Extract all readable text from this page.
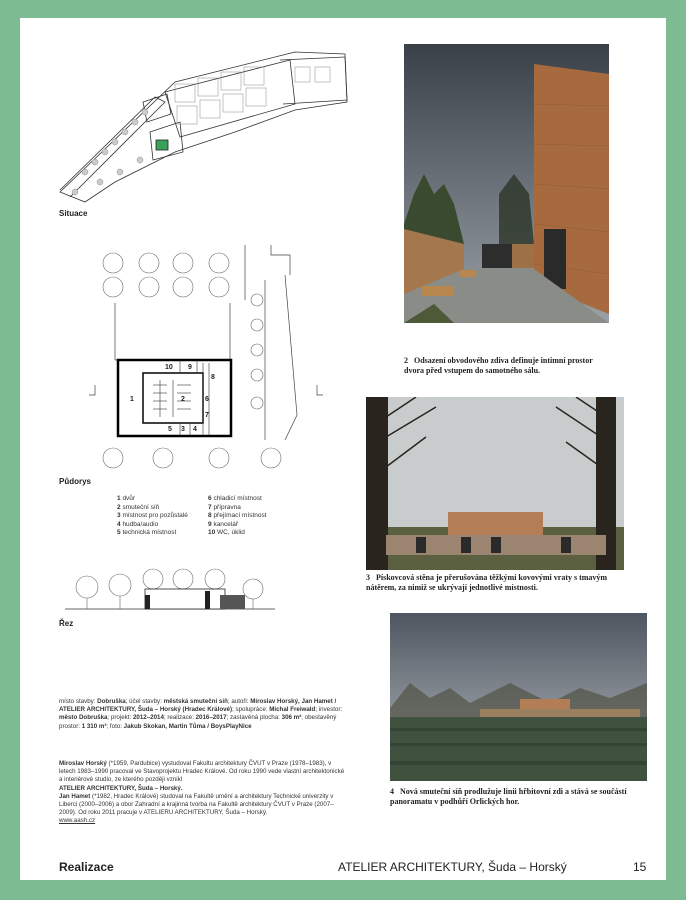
Situace
1	2
3 4
5
6
7
8
9
10
Půdorys
1 dvůr
2 smuteční síň
3 místnost pro pozůstalé
4 hudba/audio
5 technická místnost
6 chladicí místnost
7 přípravna
8 přejímací místnost
9 kancelář
10 WC, úklid
Řez
2 Odsazení obvodového zdiva definuje intimní prostor dvora před vstupem do samotného sálu.
3 Pískovcová stěna je přerušována těžkými kovovými vraty s tmavým nátěrem, za nimiž se ukrývají jednotlivé místnosti.
4 Nová smuteční síň prodlužuje linii hřbitovní zdi a stává se součástí panoramatu v podhůří Orlických hor.
místo stavby: Dobruška; účel stavby: městská smuteční síň; autoři: Miroslav Horský, Jan Hamet / ATELIER ARCHITEKTURY, Šuda – Horský (Hradec Králové); spolupráce: Michal Freiwald; investor: město Dobruška; projekt: 2012–2014; realizace: 2016–2017; zastavěná plocha: 306 m²; obestavěný prostor: 1 310 m³; foto: Jakub Skokan, Martin Tůma / BoysPlayNice
Miroslav Horský (*1959, Pardubice) vystudoval Fakultu architektury ČVUT v Praze (1978–1983), v letech 1983–1990 pracoval ve Stavoprojektu Hradec Králové. Od roku 1990 vede vlastní architektonické a interiérové studio, ze kterého později vznikl
ATELIER ARCHITEKTURY, Šuda – Horský.
Jan Hamet (*1982, Hradec Králové) studoval na Fakultě umění a architektury Technické univerzity v Liberci (2000–2006) a obor Zahradní a krajinná tvorba na Fakultě architektury ČVUT v Praze (2007–2009). Od roku 2011 pracuje v ATELIERU ARCHITEKTURY, Šuda – Horský.
www.aash.cz
Realizace	ATELIER ARCHITEKTURY, Šuda – Horský	15
